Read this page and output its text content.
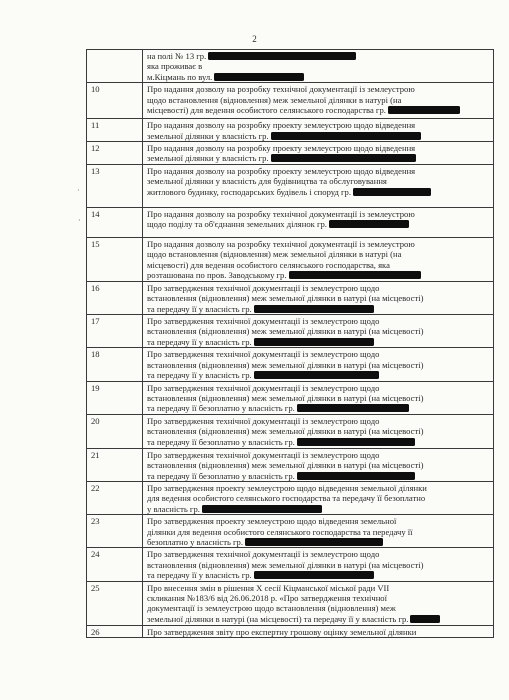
2

	на полі № 13 гр.
яка проживає в
м.Кіцмань по вул.

10	Про надання дозволу на розробку технічної документації із землеустрою
щодо встановлення (відновлення) меж земельної ділянки в натурі (на
місцевості) для ведення особистого селянського господарства гр.

11	Про надання дозволу на розробку проекту землеустрою щодо відведення
земельної ділянки у власність гр.

12	Про надання дозволу на розробку проекту землеустрою щодо відведення
земельної ділянки у власність гр.

13	Про надання дозволу на розробку проекту землеустрою щодо відведення
земельної ділянки у власність для будівництва та обслуговування
житлового будинку, господарських будівель і споруд гр.

14	Про надання дозволу на розробку технічної документації із землеустрою
щодо поділу та об'єднання земельних ділянок гр.

15	Про надання дозволу на розробку технічної документації із землеустрою
щодо встановлення (відновлення) меж земельної ділянки в натурі (на
місцевості) для ведення особистого селянського господарства, яка
розташована по пров. Заводському гр.

16	Про затвердження технічної документації із землеустрою щодо
встановлення (відновлення) меж земельної ділянки в натурі (на місцевості)
та передачу її у власність гр.

17	Про затвердження технічної документації із землеустрою щодо
встановлення (відновлення) меж земельної ділянки в натурі (на місцевості)
та передачу її у власність гр.

18	Про затвердження технічної документації із землеустрою щодо
встановлення (відновлення) меж земельної ділянки в натурі (на місцевості)
та передачу її у власність гр.

19	Про затвердження технічної документації із землеустрою щодо
встановлення (відновлення) меж земельної ділянки в натурі (на місцевості)
та передачу її безоплатно у власність гр.

20	Про затвердження технічної документації із землеустрою щодо
встановлення (відновлення) меж земельної ділянки в натурі (на місцевості)
та передачу її безоплатно у власність гр.

21	Про затвердження технічної документації із землеустрою щодо
встановлення (відновлення) меж земельної ділянки в натурі (на місцевості)
та передачу її безоплатно у власність гр.

22	Про затвердження проекту землеустрою щодо відведення земельної ділянки
для ведення особистого селянського господарства та передачу її безоплатно
у власність гр.

23	Про затвердження проекту землеустрою щодо відведення земельної
ділянки для ведення особистого селянського господарства та передачу її
безоплатно у власність гр.

24	Про затвердження технічної документації із землеустрою щодо
встановлення (відновлення) меж земельної ділянки в натурі (на місцевості)
та передачу її у власність гр.

25	Про внесення змін в рішення Х сесії Кіцманської міської ради VII
скликання №183/6 від 26.06.2018 р. «Про затвердження технічної
документації із землеустрою щодо встановлення (відновлення) меж
земельної ділянки в натурі (на місцевості) та передачу її у власність гр.

26	Про затвердження звіту про експертну грошову оцінку земельної ділянки
·
·
